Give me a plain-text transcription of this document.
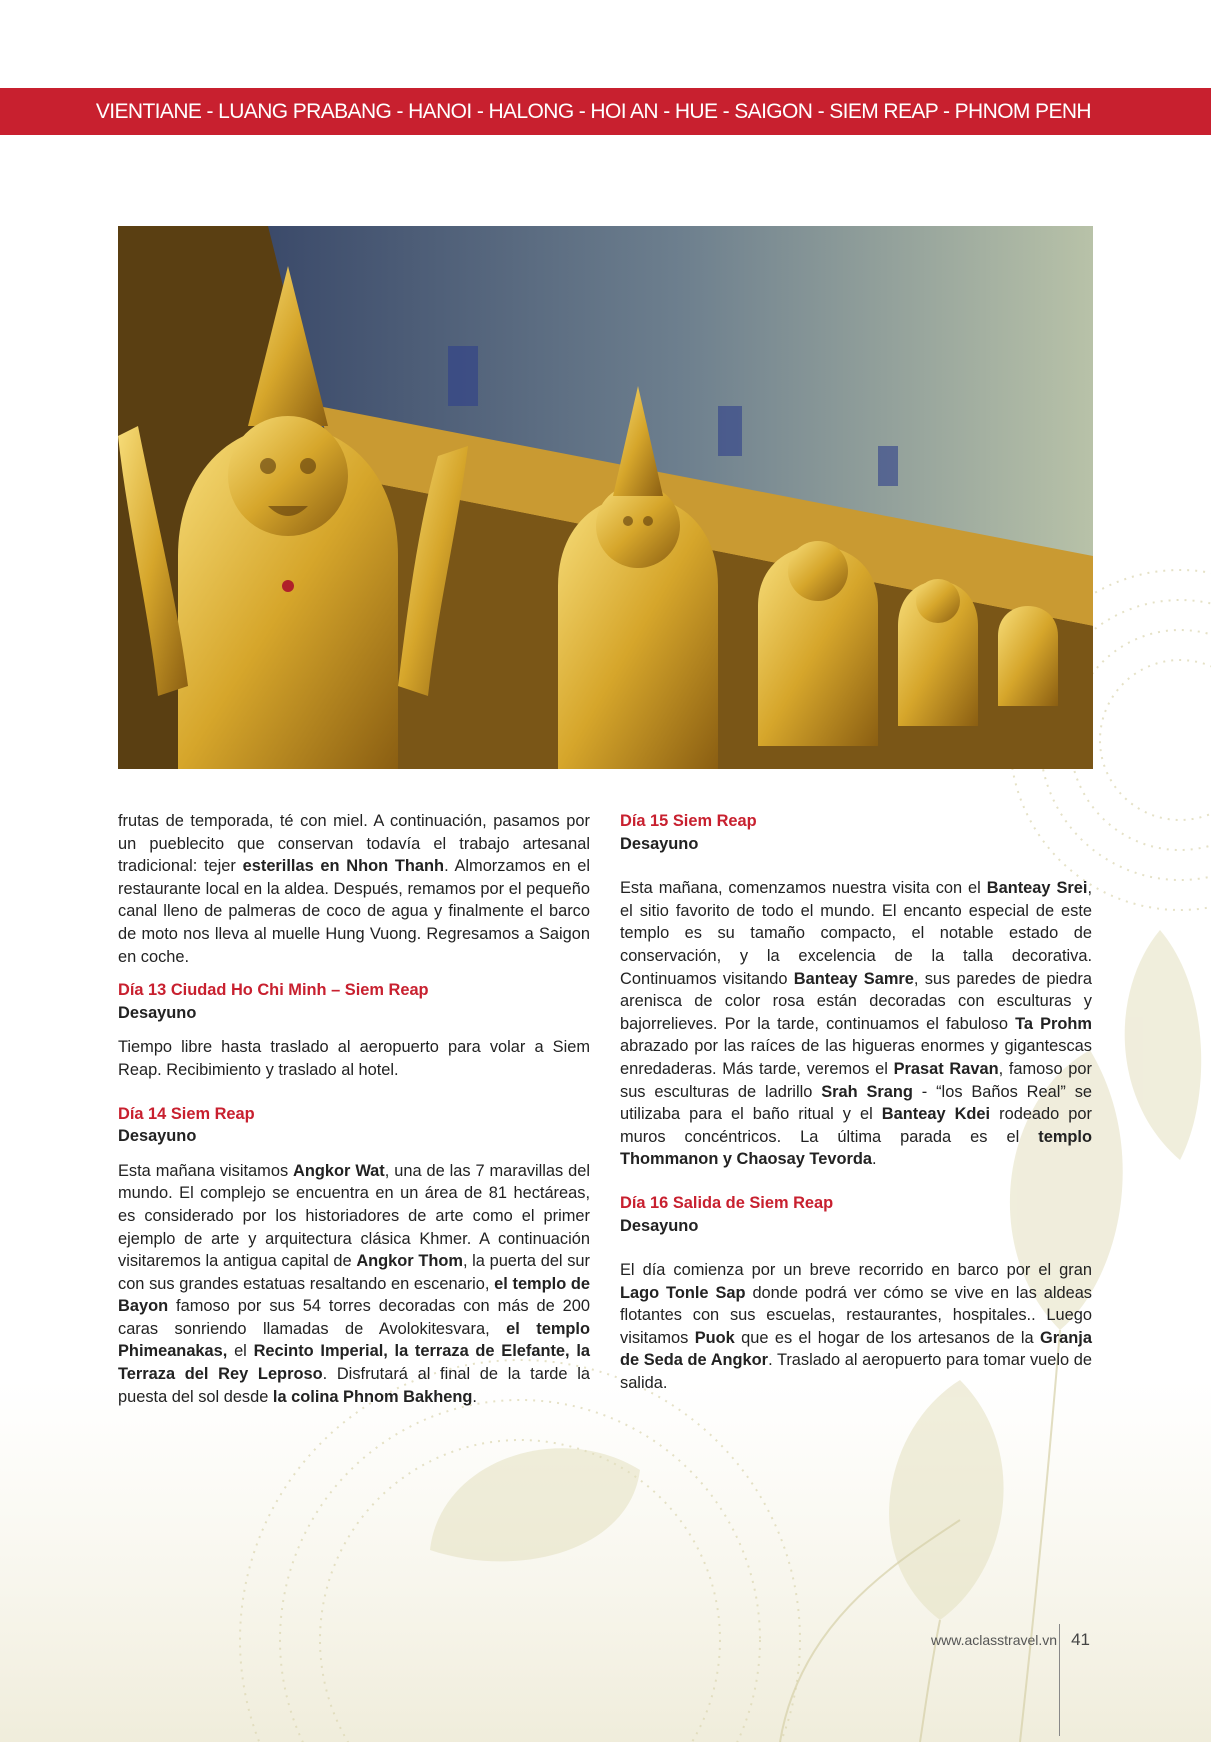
VIENTIANE - LUANG PRABANG - HANOI - HALONG - HOI AN - HUE - SAIGON - SIEM REAP - PHNOM PENH

frutas de temporada, té con miel. A continuación, pasamos por un pueblecito que conservan todavía el trabajo artesanal tradicional: tejer esterillas en Nhon Thanh. Almorzamos en el restaurante local en la aldea. Después, remamos por el pequeño canal lleno de palmeras de coco de agua y finalmente el barco de moto nos lleva al muelle Hung Vuong. Regresamos a Saigon en coche.

Día 13 Ciudad Ho Chi Minh – Siem Reap
Desayuno

Tiempo libre hasta traslado al aeropuerto para volar a Siem Reap. Recibimiento y traslado al hotel.

Día 14 Siem Reap
Desayuno

Esta mañana visitamos Angkor Wat, una de las 7 maravillas del mundo. El complejo se encuentra en un área de 81 hectáreas, es considerado por los historiadores de arte como el primer ejemplo de arte y arquitectura clásica Khmer. A continuación visitaremos la antigua capital de Angkor Thom, la puerta del sur con sus grandes estatuas resaltando en escenario, el templo de Bayon famoso por sus 54 torres decoradas con más de 200 caras sonriendo llamadas de Avolokitesvara, el templo Phimeanakas, el Recinto Imperial, la terraza de Elefante, la Terraza del Rey Leproso. Disfrutará al final de la tarde la puesta del sol desde la colina Phnom Bakheng.

Día 15 Siem Reap
Desayuno

Esta mañana, comenzamos nuestra visita con el Banteay Srei, el sitio favorito de todo el mundo. El encanto especial de este templo es su tamaño compacto, el notable estado de conservación, y la excelencia de la talla decorativa. Continuamos visitando Banteay Samre, sus paredes de piedra arenisca de color rosa están decoradas con esculturas y bajorrelieves. Por la tarde, continuamos el fabuloso Ta Prohm abrazado por las raíces de las higueras enormes y gigantescas enredaderas. Más tarde, veremos el Prasat Ravan, famoso por sus esculturas de ladrillo Srah Srang - “los Baños Real” se utilizaba para el baño ritual y el Banteay Kdei rodeado por muros concéntricos. La última parada es el templo Thommanon y Chaosay Tevorda.

Día 16 Salida de Siem Reap
Desayuno

El día comienza por un breve recorrido en barco por el gran Lago Tonle Sap donde podrá ver cómo se vive en las aldeas flotantes con sus escuelas, restaurantes, hospitales.. Luego visitamos Puok que es el hogar de los artesanos de la Granja de Seda de Angkor. Traslado al aeropuerto para tomar vuelo de salida.

www.aclasstravel.vn 41
